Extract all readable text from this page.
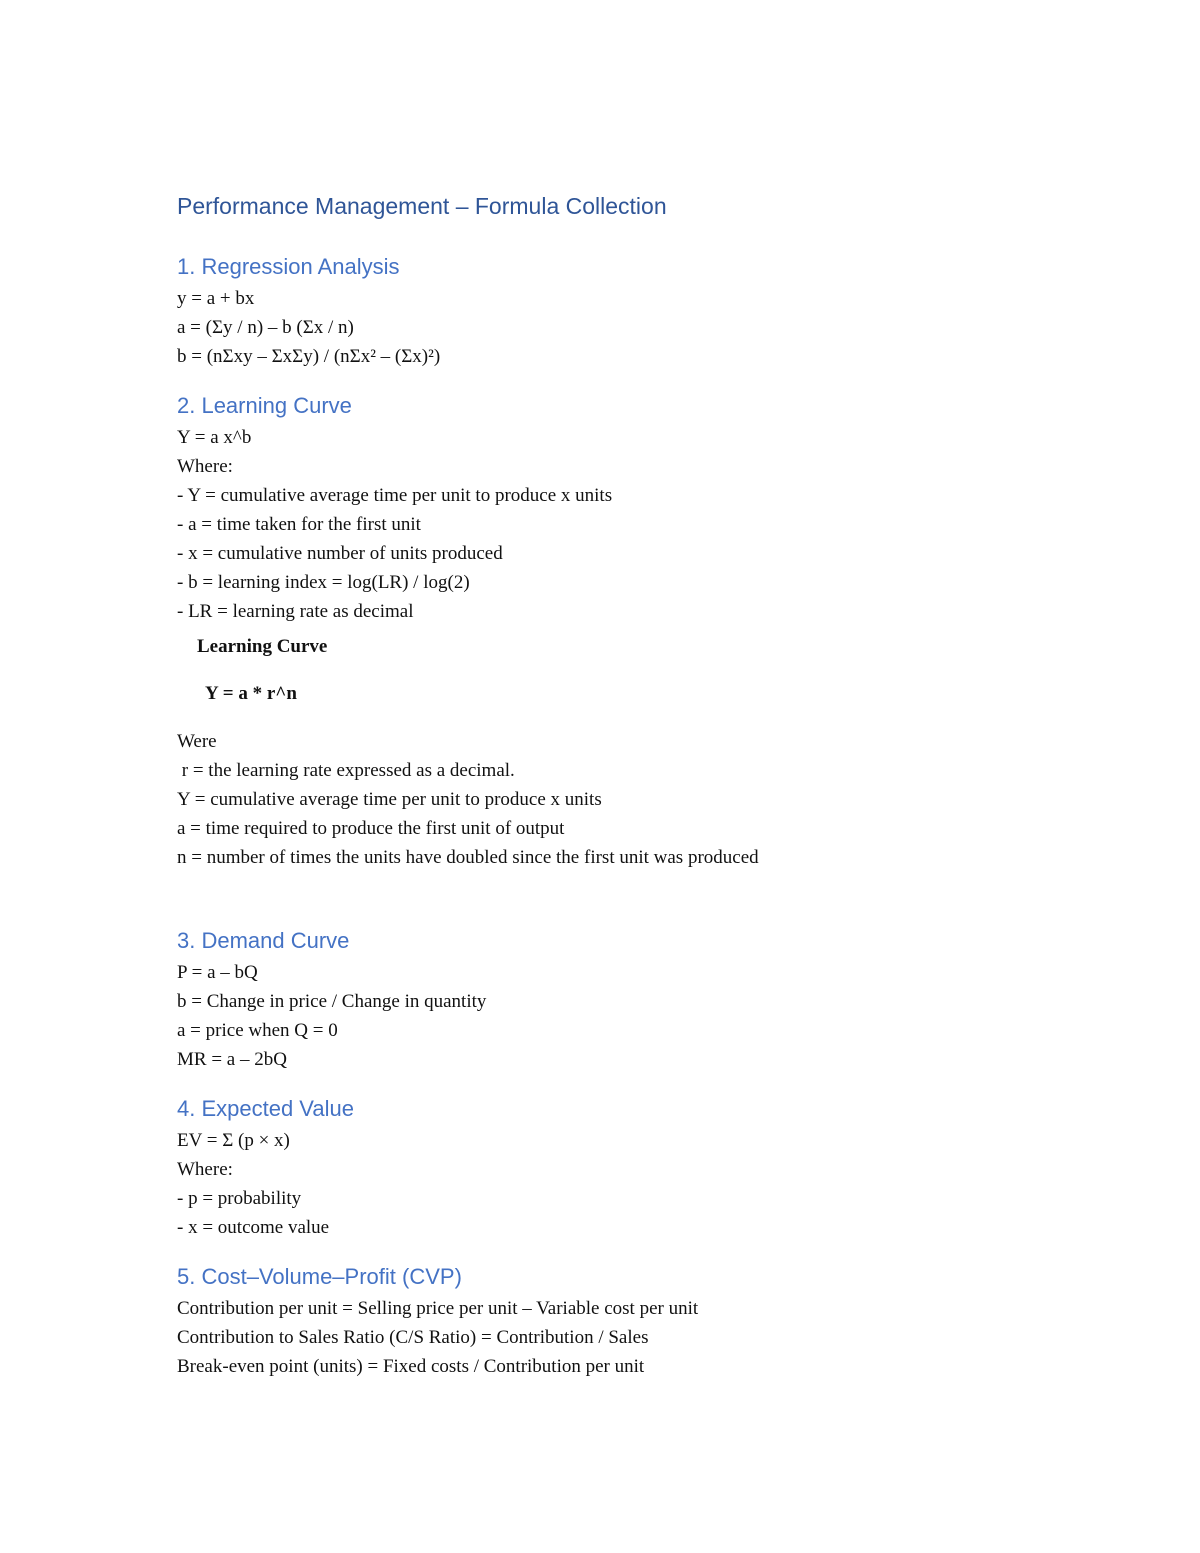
Performance Management – Formula Collection
1. Regression Analysis

y = a + bx

a = (Σy / n) – b (Σx / n)

b = (nΣxy – ΣxΣy) / (nΣx² – (Σx)²)

2. Learning Curve

Y = a x^b

Where:

- Y = cumulative average time per unit to produce x units

- a = time taken for the first unit

- x = cumulative number of units produced

- b = learning index = log(LR) / log(2)

- LR = learning rate as decimal

Learning Curve

Y = a * r^n

Were

r = the learning rate expressed as a decimal.

Y = cumulative average time per unit to produce x units

a = time required to produce the first unit of output

n = number of times the units have doubled since the first unit was produced

3. Demand Curve

P = a – bQ

b = Change in price / Change in quantity

a = price when Q = 0

MR = a – 2bQ

4. Expected Value

EV = Σ (p × x)

Where:

- p = probability

- x = outcome value

5. Cost–Volume–Profit (CVP)

Contribution per unit = Selling price per unit – Variable cost per unit

Contribution to Sales Ratio (C/S Ratio) = Contribution / Sales

Break-even point (units) = Fixed costs / Contribution per unit
